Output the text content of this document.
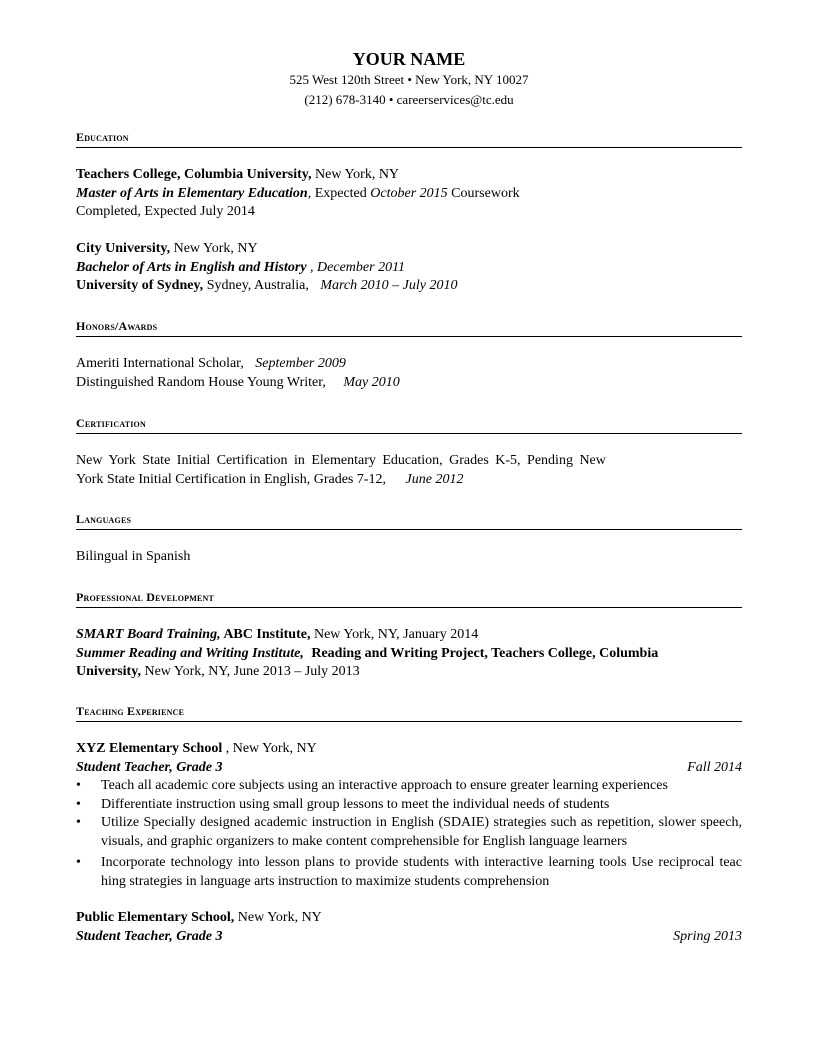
YOUR NAME
525 West 120th Street • New York, NY 10027
(212) 678-3140 • careerservices@tc.edu
Education
Teachers College, Columbia University, New York, NY
Master of Arts in Elementary Education, Expected October 2015 Coursework
Completed, Expected July 2014
City University, New York, NY
Bachelor of Arts in English and History , December 2011
University of Sydney, Sydney, Australia, March 2010 – July 2010
Honors/Awards
Ameriti International Scholar, September 2009
Distinguished Random House Young Writer, May 2010
Certification
New York State Initial Certification in Elementary Education, Grades K-5, Pending New
York State Initial Certification in English, Grades 7-12, June 2012
Languages
Bilingual in Spanish
Professional Development
SMART Board Training, ABC Institute, New York, NY, January 2014
Summer Reading and Writing Institute, Reading and Writing Project, Teachers College, Columbia
University, New York, NY, June 2013 – July 2013
Teaching Experience
XYZ Elementary School , New York, NY
Student Teacher, Grade 3	Fall 2014
• Teach all academic core subjects using an interactive approach to ensure greater learning experiences
• Differentiate instruction using small group lessons to meet the individual needs of students
• Utilize Specially designed academic instruction in English (SDAIE) strategies such as repetition, slower speech, visuals, and graphic organizers to make content comprehensible for English language learners
• Incorporate technology into lesson plans to provide students with interactive learning tools Use reciprocal teac hing strategies in language arts instruction to maximize students comprehension
Public Elementary School, New York, NY
Student Teacher, Grade 3	Spring 2013
